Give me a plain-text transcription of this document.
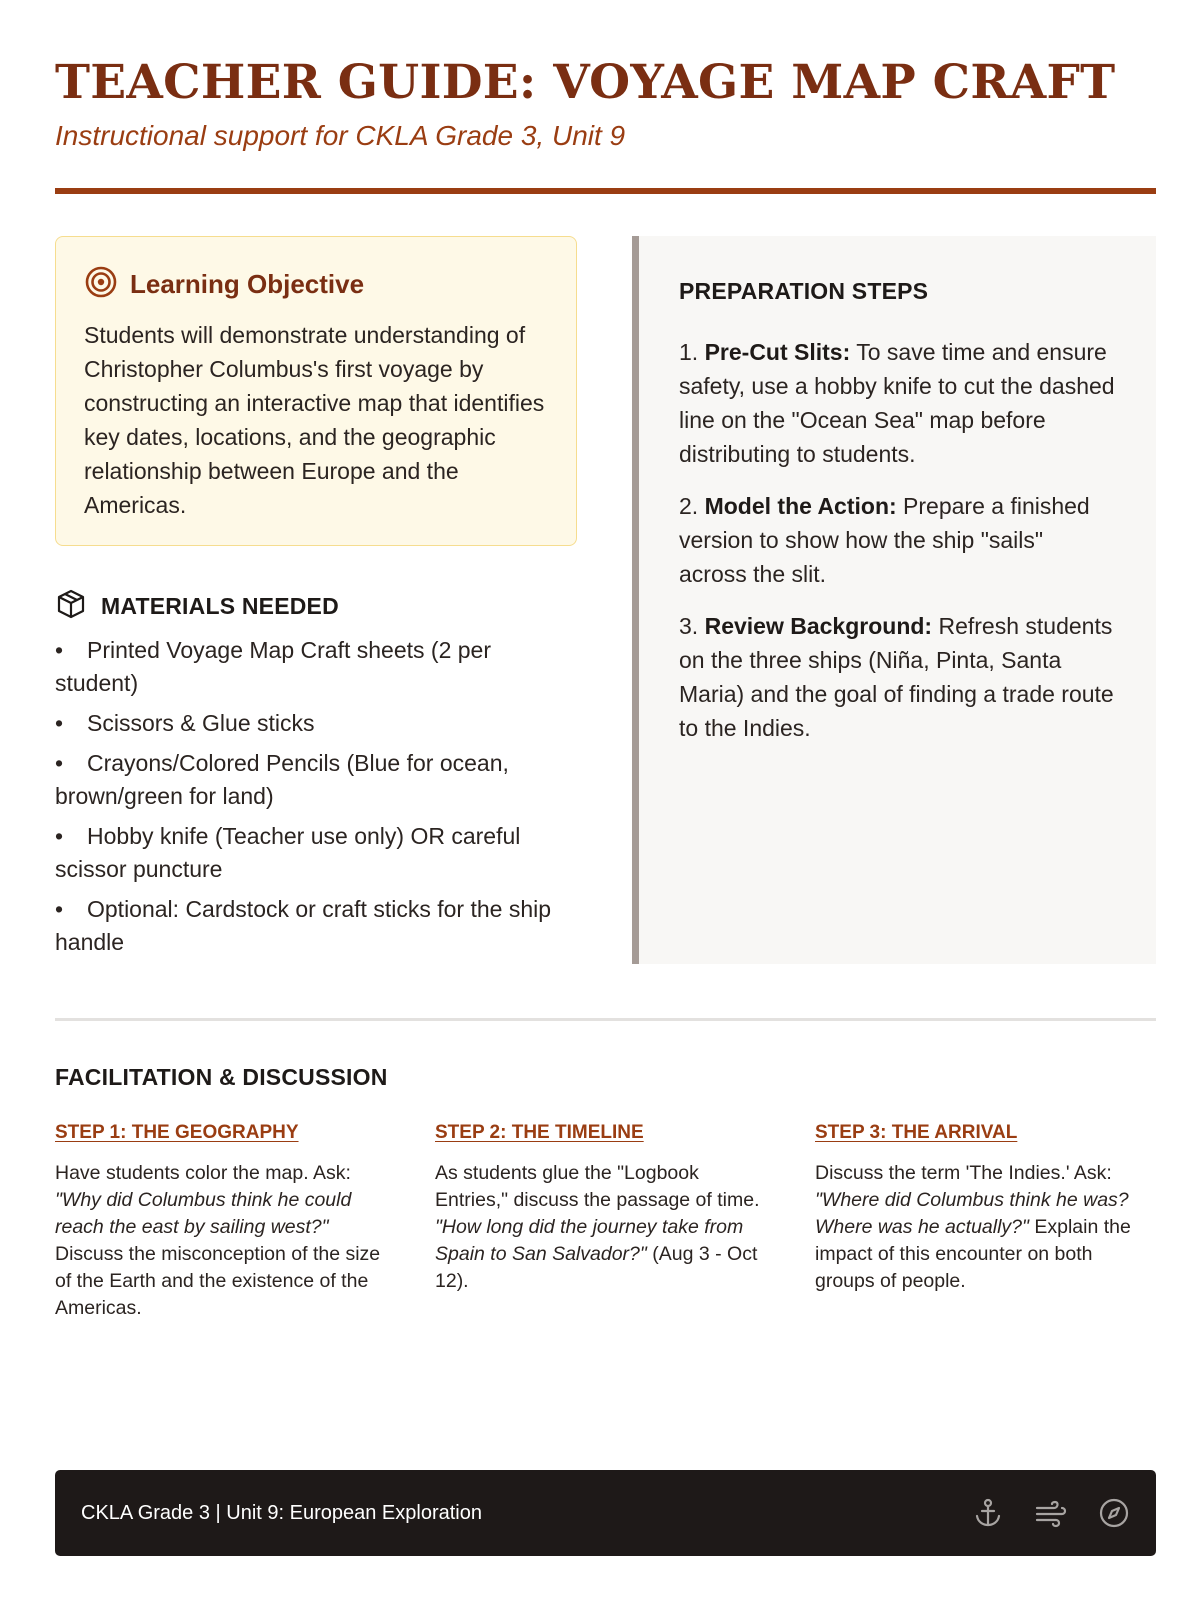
TEACHER GUIDE: VOYAGE MAP CRAFT
Instructional support for CKLA Grade 3, Unit 9
Learning Objective

Students will demonstrate understanding of Christopher Columbus's first voyage by constructing an interactive map that identifies key dates, locations, and the geographic relationship between Europe and the Americas.

MATERIALS NEEDED
• Printed Voyage Map Craft sheets (2 per student)
• Scissors & Glue sticks
• Crayons/Colored Pencils (Blue for ocean, brown/green for land)
• Hobby knife (Teacher use only) OR careful scissor puncture
• Optional: Cardstock or craft sticks for the ship handle
PREPARATION STEPS

1. Pre-Cut Slits: To save time and ensure safety, use a hobby knife to cut the dashed line on the "Ocean Sea" map before distributing to students.

2. Model the Action: Prepare a finished version to show how the ship "sails" across the slit.

3. Review Background: Refresh students on the three ships (Niña, Pinta, Santa Maria) and the goal of finding a trade route to the Indies.

FACILITATION & DISCUSSION
STEP 1: THE GEOGRAPHY

Have students color the map. Ask: "Why did Columbus think he could reach the east by sailing west?" Discuss the misconception of the size of the Earth and the existence of the Americas.

STEP 2: THE TIMELINE

As students glue the "Logbook Entries," discuss the passage of time. "How long did the journey take from Spain to San Salvador?" (Aug 3 - Oct 12).

STEP 3: THE ARRIVAL

Discuss the term 'The Indies.' Ask: "Where did Columbus think he was? Where was he actually?" Explain the impact of this encounter on both groups of people.

CKLA Grade 3 | Unit 9: European Exploration
